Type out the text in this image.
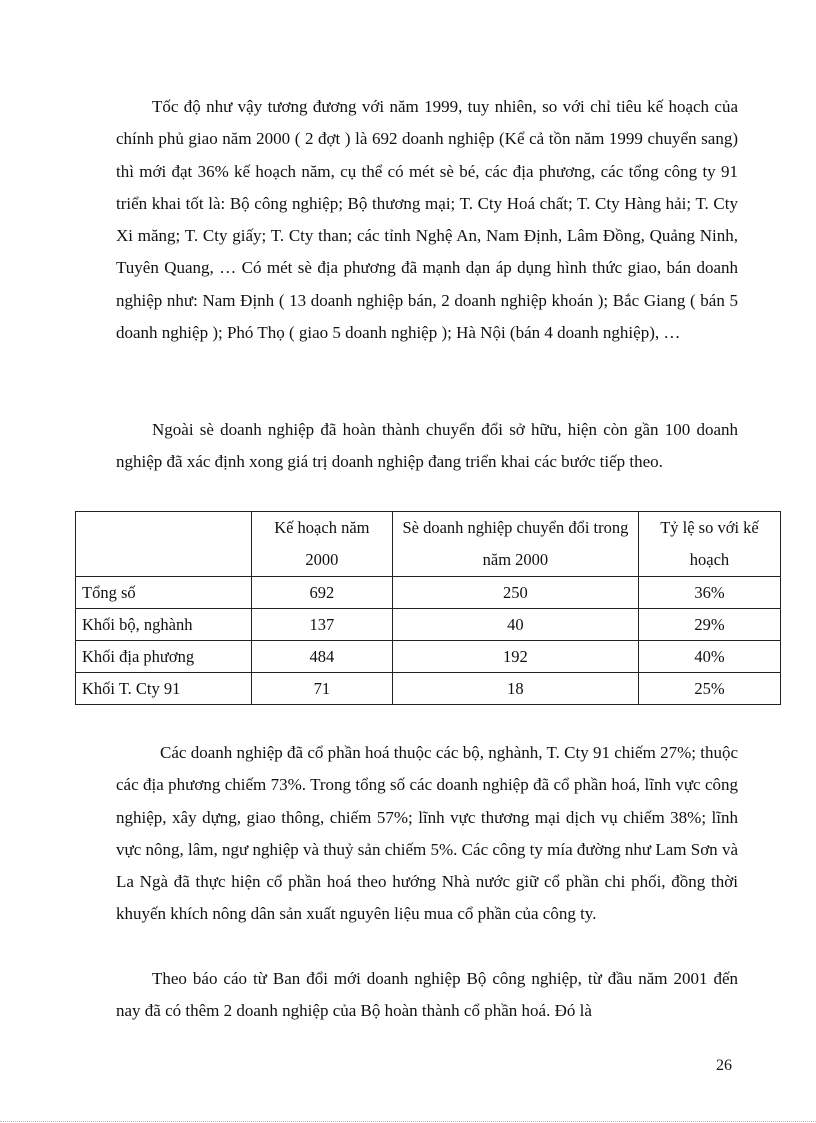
Tốc độ như vậy tương đương với năm 1999, tuy nhiên, so với chỉ tiêu kế hoạch của chính phủ giao năm 2000 ( 2 đợt ) là 692 doanh nghiệp (Kể cả tồn năm 1999 chuyển sang) thì mới đạt 36% kế hoạch năm, cụ thể có mét sè bé, các địa phương, các tổng công ty 91 triển khai tốt là: Bộ công nghiệp; Bộ thương mại; T. Cty Hoá chất; T. Cty Hàng hải; T. Cty Xi măng; T. Cty giấy; T. Cty than; các tỉnh Nghệ An, Nam Định, Lâm Đồng, Quảng Ninh, Tuyên Quang, … Có mét sè địa phương đã mạnh dạn áp dụng hình thức giao, bán doanh nghiệp như: Nam Định ( 13 doanh nghiệp bán, 2 doanh nghiệp khoán ); Bắc Giang ( bán 5 doanh nghiệp ); Phó Thọ ( giao 5 doanh nghiệp ); Hà Nội (bán 4 doanh nghiệp), …

Ngoài sè doanh nghiệp đã hoàn thành chuyển đổi sở hữu, hiện còn gần 100 doanh nghiệp đã xác định xong giá trị doanh nghiệp đang triển khai các bước tiếp theo.

	Kế hoạch năm 2000	Sè doanh nghiệp chuyển đổi trong năm 2000	Tỷ lệ so với kế hoạch
Tổng số	692	250	36%
Khối bộ, nghành	137	40	29%
Khối địa phương	484	192	40%
Khối T. Cty 91	71	18	25%

Các doanh nghiệp đã cổ phần hoá thuộc các bộ, nghành, T. Cty 91 chiếm 27%; thuộc các địa phương chiếm 73%. Trong tổng số các doanh nghiệp đã cổ phần hoá, lĩnh vực công nghiệp, xây dựng, giao thông, chiếm 57%; lĩnh vực thương mại dịch vụ chiếm 38%; lĩnh vực nông, lâm, ngư nghiệp và thuỷ sản chiếm 5%. Các công ty mía đường như Lam Sơn và La Ngà đã thực hiện cổ phần hoá theo hướng Nhà nước giữ cổ phần chi phối, đồng thời khuyến khích nông dân sản xuất nguyên liệu mua cổ phần của công ty.

Theo báo cáo từ Ban đổi mới doanh nghiệp Bộ công nghiệp, từ đầu năm 2001 đến nay đã có thêm 2 doanh nghiệp của Bộ hoàn thành cổ phần hoá. Đó là

26
